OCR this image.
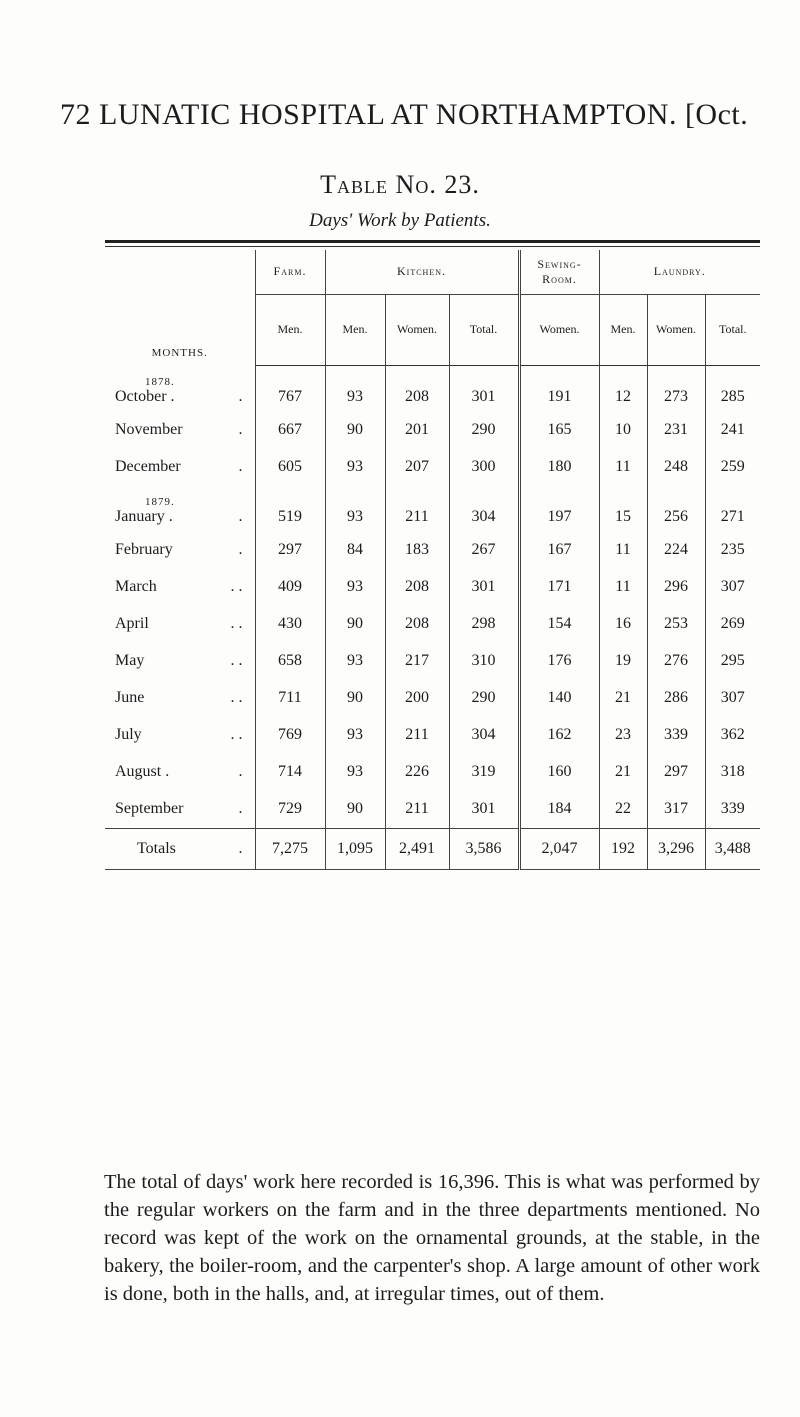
72 LUNATIC HOSPITAL AT NORTHAMPTON. [Oct.
Table No. 23.
Days' Work by Patients.
MONTHS.	Farm.	Kitchen.			Sewing-Room.	Laundry.		
	Men.	Men.	Women.	Total.	Women.	Men.	Women.	Total.
1878.								
October . .	767	93	208	301	191	12	273	285
November .	667	90	201	290	165	10	231	241
December .	605	93	207	300	180	11	248	259
1879.								
January . .	519	93	211	304	197	15	256	271
February .	297	84	183	267	167	11	224	235
March . .	409	93	208	301	171	11	296	307
April . .	430	90	208	298	154	16	253	269
May . .	658	93	217	310	176	19	276	295
June . .	711	90	200	290	140	21	286	307
July . .	769	93	211	304	162	23	339	362
August . .	714	93	226	319	160	21	297	318
September .	729	90	211	301	184	22	317	339
Totals .	7,275	1,095	2,491	3,586	2,047	192	3,296	3,488

The total of days' work here recorded is 16,396. This is what was performed by the regular workers on the farm and in the three departments mentioned. No record was kept of the work on the ornamental grounds, at the stable, in the bakery, the boiler-room, and the carpenter's shop. A large amount of other work is done, both in the halls, and, at irregular times, out of them.
